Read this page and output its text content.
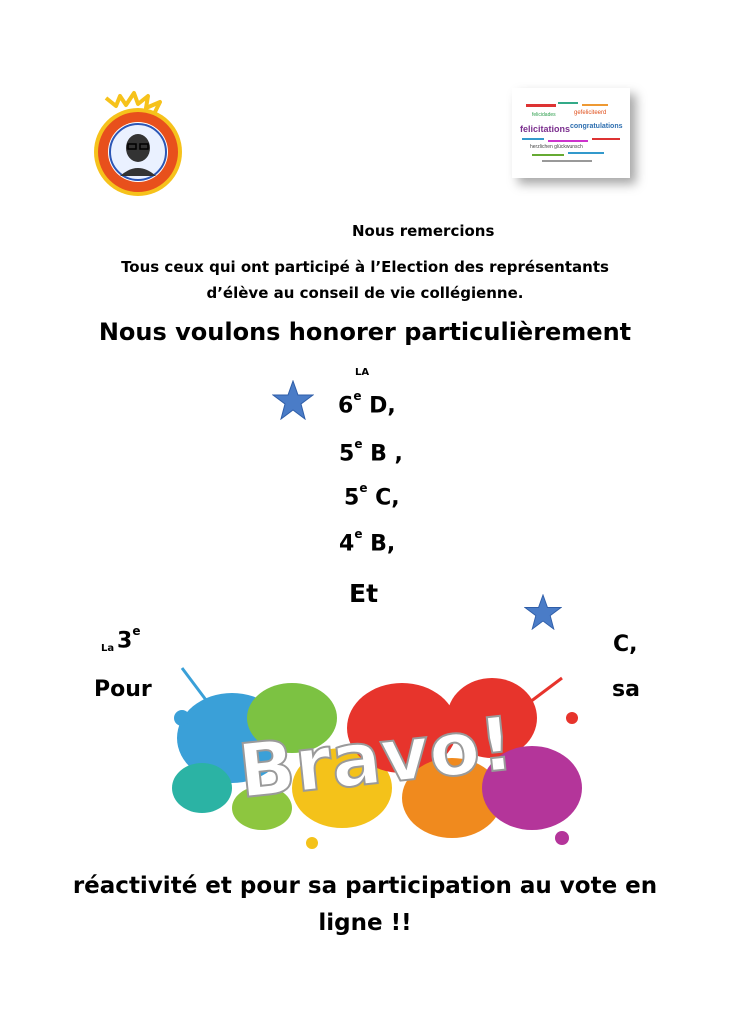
felicitations congratulations
gefeliciteerd
herzlichen glückwunsch
felicidades
Nous remercions
Tous ceux qui ont participé à l’Election des représentants
d’élève au conseil de vie collégienne.
Nous voulons honorer particulièrement
LA
6e D,
5e B ,
5e C,
4e B,
Et
La 3e
C,
Pour	sa
Bravo!
réactivité et pour sa participation au vote en
ligne !!
